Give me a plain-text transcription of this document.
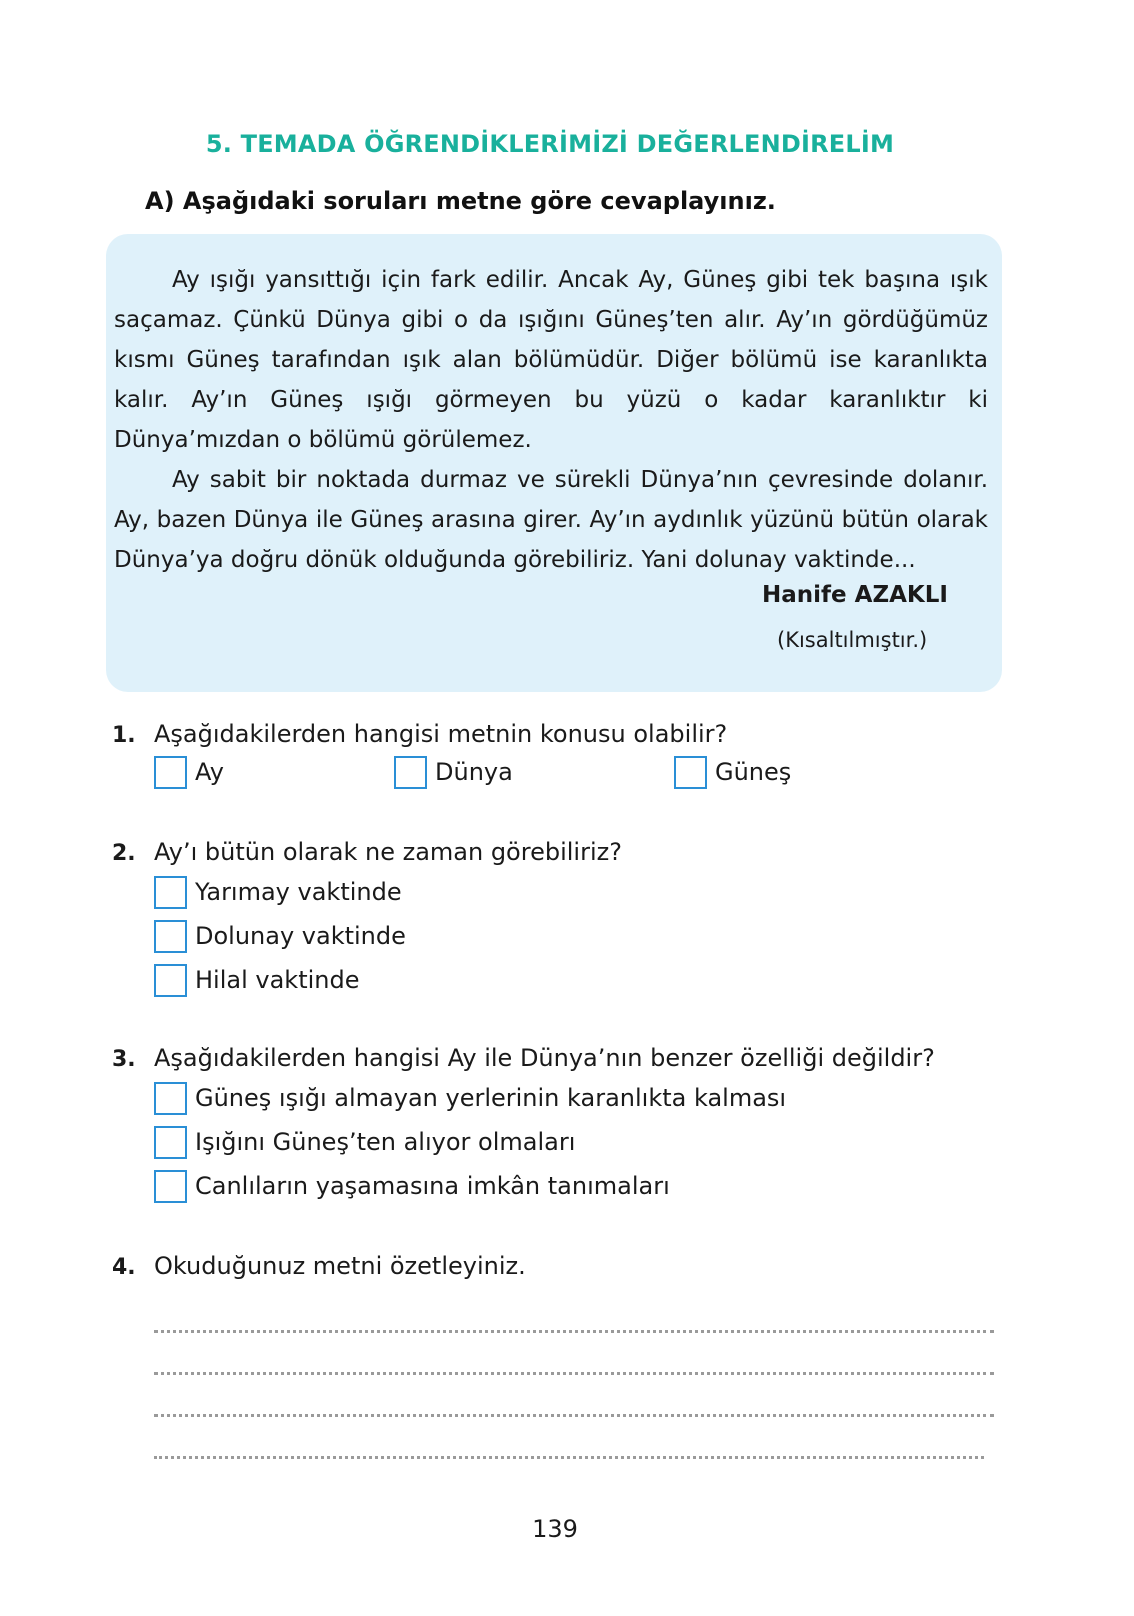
5. TEMADA ÖĞRENDİKLERİMİZİ DEĞERLENDİRELİM
A) Aşağıdaki soruları metne göre cevaplayınız.

Ay ışığı yansıttığı için fark edilir. Ancak Ay, Güneş gibi tek başına ışık saçamaz. Çünkü Dünya gibi o da ışığını Güneş’ten alır. Ay’ın gördüğümüz kısmı Güneş tarafından ışık alan bölümüdür. Diğer bölümü ise karanlıkta kalır. Ay’ın Güneş ışığı görmeyen bu yüzü o kadar karanlıktır ki Dünya’mızdan o bölümü görülemez.

Ay sabit bir noktada durmaz ve sürekli Dünya’nın çevresinde dolanır. Ay, bazen Dünya ile Güneş arasına girer. Ay’ın aydınlık yüzünü bütün olarak Dünya’ya doğru dönük olduğunda görebiliriz. Yani dolunay vaktinde...

Hanife AZAKLI
(Kısaltılmıştır.)
1. Aşağıdakilerden hangisi metnin konusu olabilir?
Ay	Dünya	Güneş
2. Ay’ı bütün olarak ne zaman görebiliriz?
Yarımay vaktinde
Dolunay vaktinde
Hilal vaktinde
3. Aşağıdakilerden hangisi Ay ile Dünya’nın benzer özelliği değildir?
Güneş ışığı almayan yerlerinin karanlıkta kalması
Işığını Güneş’ten alıyor olmaları
Canlıların yaşamasına imkân tanımaları
4. Okuduğunuz metni özetleyiniz.
139
